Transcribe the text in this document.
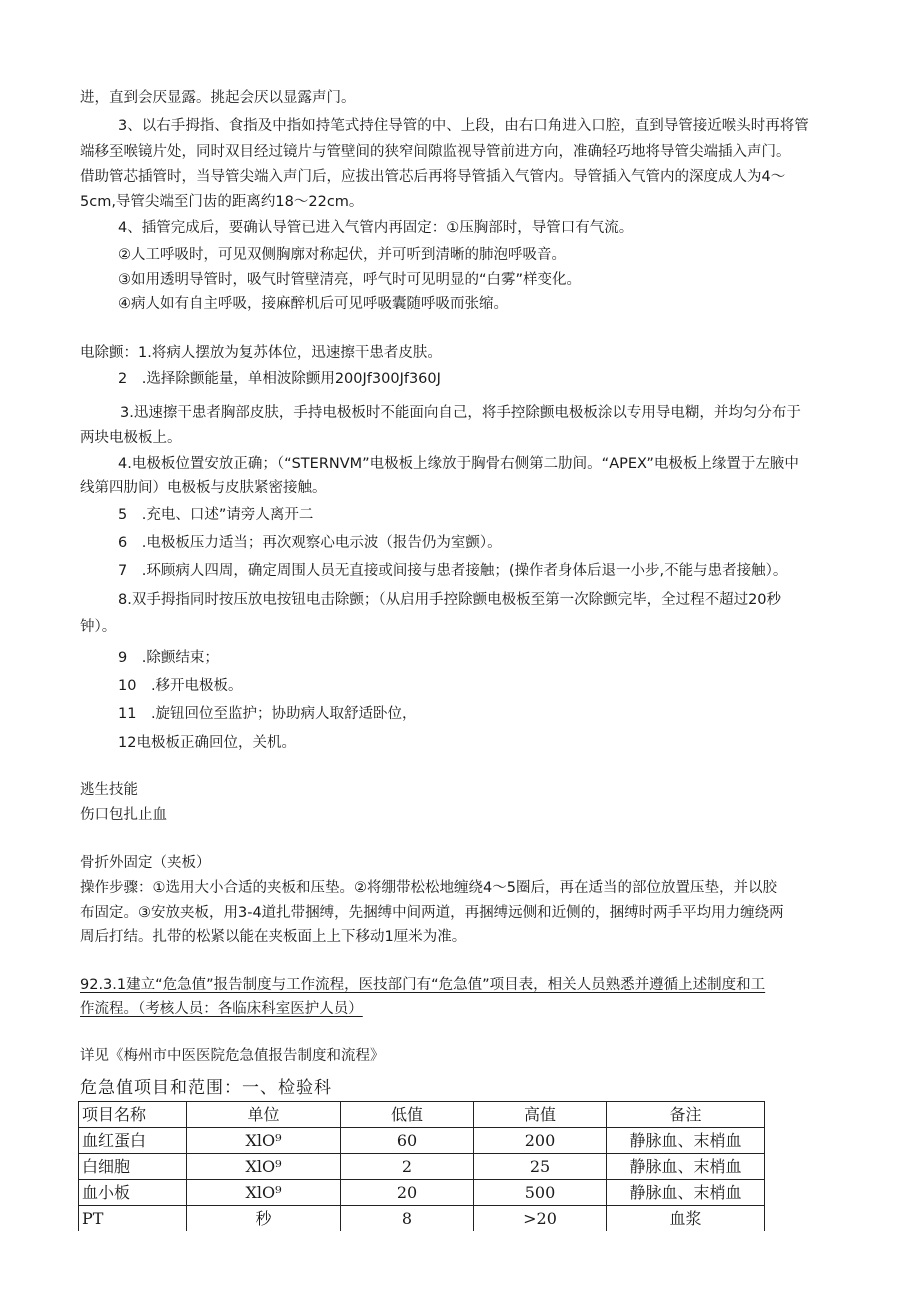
进，直到会厌显露。挑起会厌以显露声门。
3、以右手拇指、食指及中指如持笔式持住导管的中、上段，由右口角进入口腔，直到导管接近喉头时再将管
端移至喉镜片处，同时双目经过镜片与管壁间的狭窄间隙监视导管前进方向，准确轻巧地将导管尖端插入声门。
借助管芯插管时，当导管尖端入声门后，应拔出管芯后再将导管插入气管内。导管插入气管内的深度成人为4〜
5cm,导管尖端至门齿的距离约18〜22cm。
4、插管完成后，要确认导管已进入气管内再固定：①压胸部时，导管口有气流。
②人工呼吸时，可见双侧胸廓对称起伏，并可听到清晰的肺泡呼吸音。
③如用透明导管时，吸气时管壁清亮，呼气时可见明显的“白雾”样变化。
④病人如有自主呼吸，接麻醉机后可见呼吸囊随呼吸而张缩。
电除颤：1.将病人摆放为复苏体位，迅速擦干患者皮肤。
2　.选择除颤能量，单相波除颤用200Jf300Jf360J
3.迅速擦干患者胸部皮肤，手持电极板时不能面向自己，将手控除颤电极板涂以专用导电糊，并均匀分布于
两块电极板上。
4.电极板位置安放正确；（“STERNVM”电极板上缘放于胸骨右侧第二肋间。“APEX”电极板上缘置于左腋中
线第四肋间）电极板与皮肤紧密接触。
5　.充电、口述”请旁人离开二
6　.电极板压力适当；再次观察心电示波（报告仍为室颤）。
7　.环顾病人四周，确定周围人员无直接或间接与患者接触；(操作者身体后退一小步,不能与患者接触）。
8.双手拇指同时按压放电按钮电击除颤；（从启用手控除颤电极板至第一次除颤完毕，全过程不超过20秒
钟）。
9　.除颤结束；
10　.移开电极板。
11　.旋钮回位至监护；协助病人取舒适卧位，
12电极板正确回位，关机。
逃生技能
伤口包扎止血
骨折外固定（夹板）
操作步骤：①选用大小合适的夹板和压垫。②将绷带松松地缠绕4〜5圈后，再在适当的部位放置压垫，并以胶
布固定。③安放夹板，用3-4道扎带捆缚，先捆缚中间两道，再捆缚远侧和近侧的，捆缚时两手平均用力缠绕两
周后打结。扎带的松紧以能在夹板面上上下移动1厘米为准。
92.3.1建立“危急值”报告制度与工作流程，医技部门有“危急值”项目表，相关人员熟悉并遵循上述制度和工
作流程。（考核人员：各临床科室医护人员）
详见《梅州市中医医院危急值报告制度和流程》
危急值项目和范围：一、检验科
项目名称	单位	低值	高值	备注
血红蛋白	XlO⁹	60	200	静脉血、末梢血
白细胞	XlO⁹	2	25	静脉血、末梢血
血小板	XlO⁹	20	500	静脉血、末梢血
PT	秒	8	>20	血浆
